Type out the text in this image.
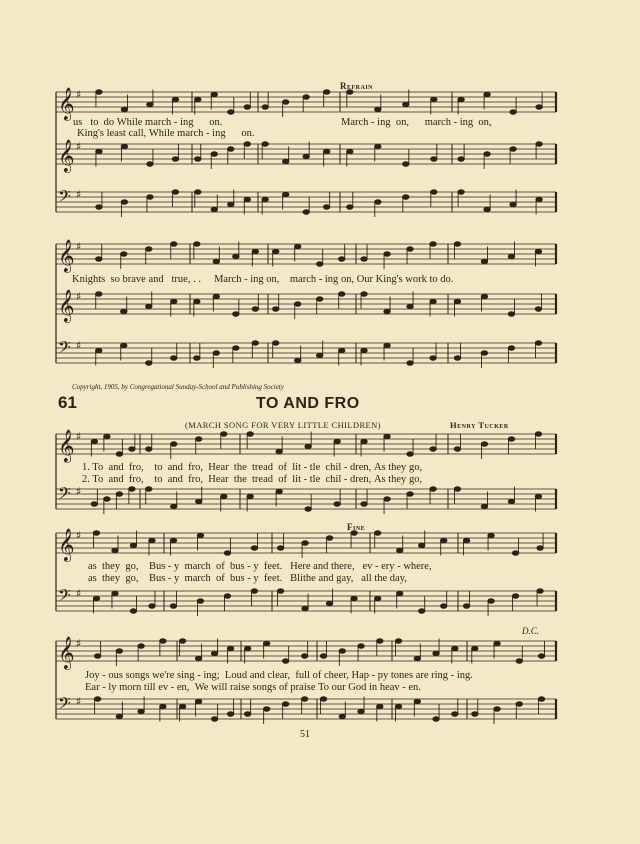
𝄞 ♯
𝄞 ♯
𝄢 ♯
𝄞 ♯
𝄞 ♯
𝄢 ♯
𝄞 ♯
𝄢 ♯
𝄞 ♯
𝄢 ♯
𝄞 ♯
𝄢 ♯
Refrain
us to do While march - ing on.	March - ing on, march - ing on,
King's least call, While march - ing on.
Knights so brave and true, . . March - ing on, march - ing on, Our King's work to do.
Copyright, 1905, by Congregational Sunday-School and Publishing Society
61	TO AND FRO
(MARCH SONG FOR VERY LITTLE CHILDREN)	Henry Tucker
1. To and fro, to and fro, Hear the tread of lit - tle chil - dren, As they go,
2. To and fro, to and fro, Hear the tread of lit - tle chil - dren, As they go,
Fine
as they go, Bus - y march of bus - y feet. Here and there, ev - ery - where,
as they go, Bus - y march of bus - y feet. Blithe and gay, all the day,
D.C.
Joy - ous songs we're sing - ing; Loud and clear, full of cheer, Hap - py tones are ring - ing.
Ear - ly morn till ev - en, We will raise songs of praise To our God in heav - en.
51
